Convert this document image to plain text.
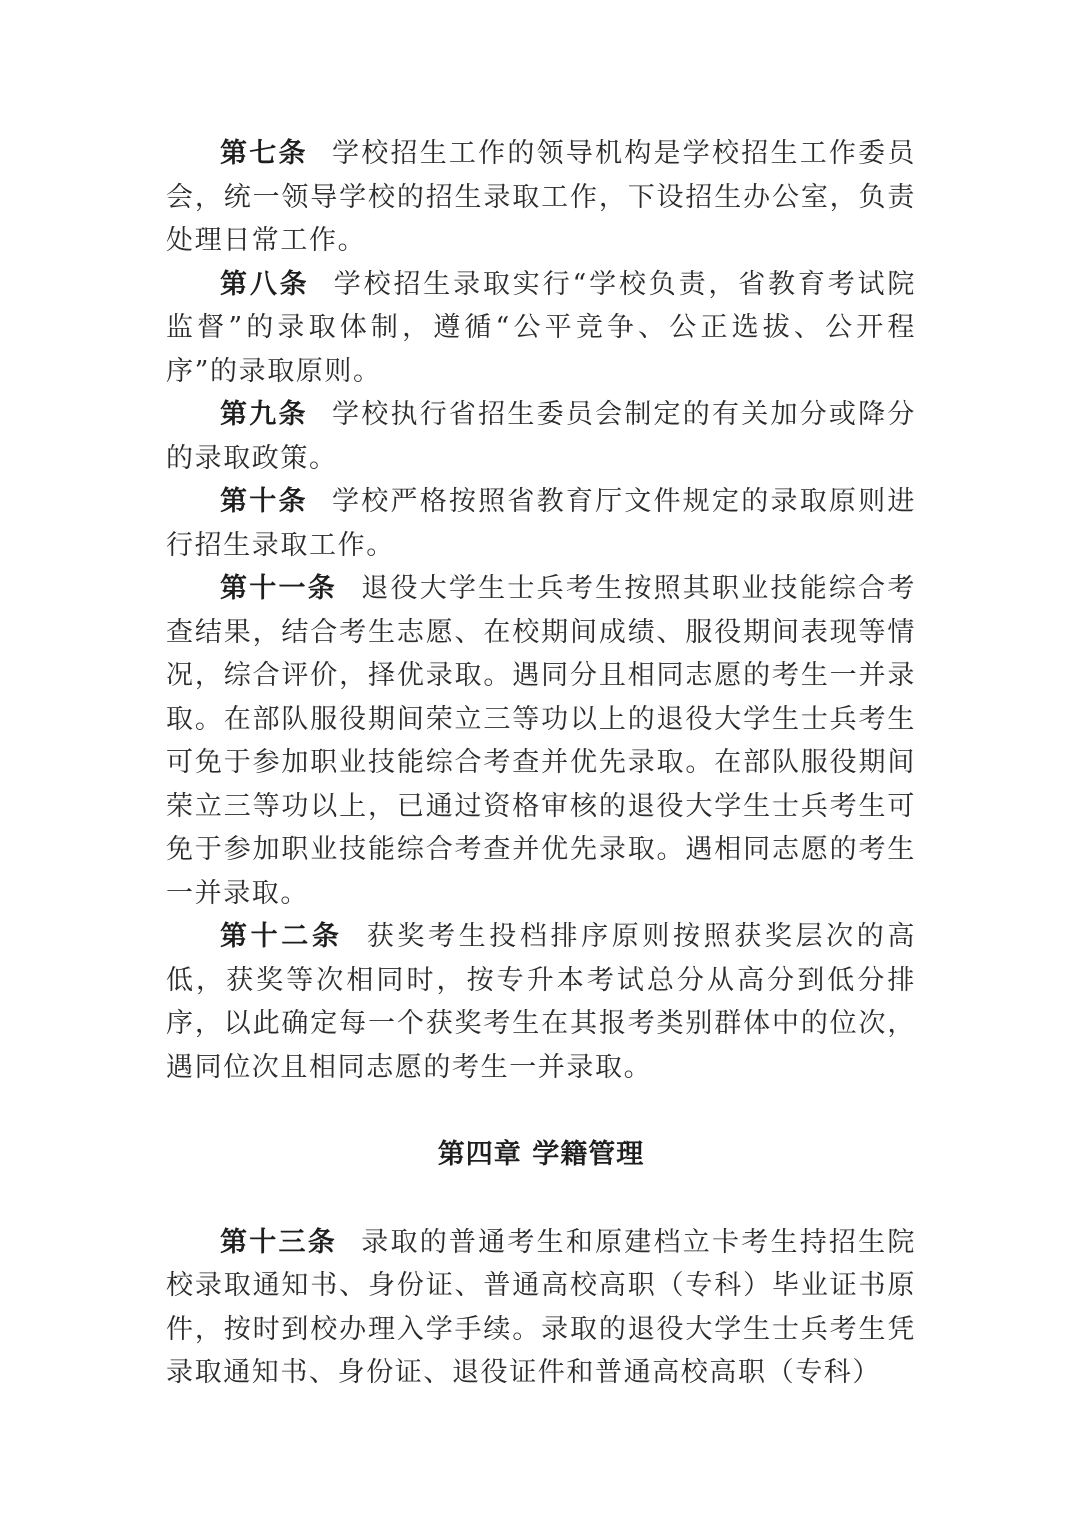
第七条 学校招生工作的领导机构是学校招生工作委员会，统一领导学校的招生录取工作，下设招生办公室，负责处理日常工作。

第八条 学校招生录取实行“学校负责，省教育考试院监督”的录取体制，遵循“公平竞争、公正选拔、公开程序”的录取原则。

第九条 学校执行省招生委员会制定的有关加分或降分的录取政策。

第十条 学校严格按照省教育厅文件规定的录取原则进行招生录取工作。

第十一条 退役大学生士兵考生按照其职业技能综合考查结果，结合考生志愿、在校期间成绩、服役期间表现等情况，综合评价，择优录取。遇同分且相同志愿的考生一并录取。在部队服役期间荣立三等功以上的退役大学生士兵考生可免于参加职业技能综合考查并优先录取。在部队服役期间荣立三等功以上，已通过资格审核的退役大学生士兵考生可免于参加职业技能综合考查并优先录取。遇相同志愿的考生一并录取。

第十二条 获奖考生投档排序原则按照获奖层次的高低，获奖等次相同时，按专升本考试总分从高分到低分排序，以此确定每一个获奖考生在其报考类别群体中的位次，遇同位次且相同志愿的考生一并录取。

第四章 学籍管理

第十三条 录取的普通考生和原建档立卡考生持招生院校录取通知书、身份证、普通高校高职（专科）毕业证书原件，按时到校办理入学手续。录取的退役大学生士兵考生凭录取通知书、身份证、退役证件和普通高校高职（专科）
